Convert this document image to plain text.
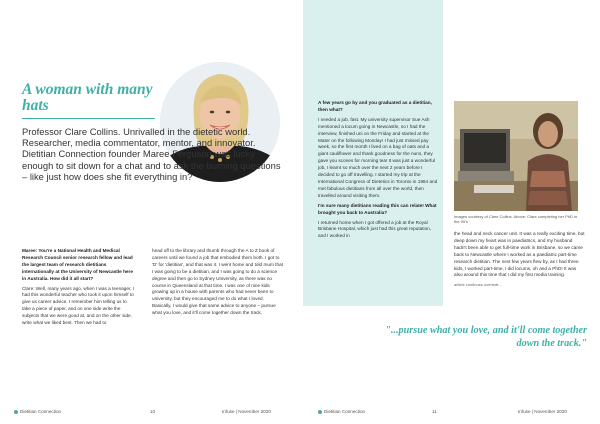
A woman with many hats
Professor Clare Collins. Unrivalled in the dietetic world. Researcher, media commentator, mentor, and innovator. Dietitian Connection founder Maree Ferguson was lucky enough to sit down for a chat and to ask the burning questions – like just how does she fit everything in?

Maree: You're a National Health and Medical Research Council senior research fellow and lead the largest team of research dietitians internationally at the University of Newcastle here in Australia. How did it all start?

Clare: Well, many years ago, when I was a teenager, I had this wonderful teacher who took it upon himself to give us career advice. I remember him telling us to take a piece of paper, and on one side write the subjects that we were good at, and on the other side, write what we liked best. Then we had to

head off to the library and thumb through the A to Z book of careers until we found a job that embodied them both. I got to 'D' for 'dietitian', and that was it. I went home and told mum that I was going to be a dietitian, and I was going to do a science degree and then go to Sydney University, as there was no course in Queensland at that time. I was one of nine kids growing up in a house with parents who had never been to university, but they encouraged me to do what I loved. Basically, I would give that same advice to anyone – pursue what you love, and it'll come together down the track.

Dietitian Connection	10	Infuse | November 2020

A few years go by and you graduated as a dietitian, then what?

I needed a job, fast. My university supervisor Sue Ash mentioned a locum going in Newcastle, so I had the interview, finished uni on the Friday and started at the Mater on the following Monday! I had just missed pay week, so the first month I lived on a bag of oats and a giant cauliflower and thank goodness for the nuns, they gave you scones for morning tea! It was just a wonderful job, I learnt so much over the next 2 years before I decided to go off travelling. I started my trip at the International Congress of Dietetics in Toronto in 1984 and met fabulous dietitians from all over the world, then travelled around visiting them.

I'm sure many dietitians reading this can relate! What brought you back to Australia?

I returned home when I got offered a job at the Royal Brisbane Hospital, which just had this great reputation, and I worked in

Images courtesy of Clare Collins. Above: Clare completing her PhD in the 90's

the head and neck cancer unit. It was a really exciting time, but deep down my heart was in paediatrics, and my husband hadn't been able to get full-time work in Brisbane, so we came back to Newcastle where I worked as a paediatric part-time research dietitian. The next few years flew by, as I had three kids, I worked part-time, I did locums, oh and a PhD! It was also around this time that I did my first media training.

article continues overleaf...

"...pursue what you love, and it'll come together down the track."
Dietitian Connection	11	Infuse | November 2020
